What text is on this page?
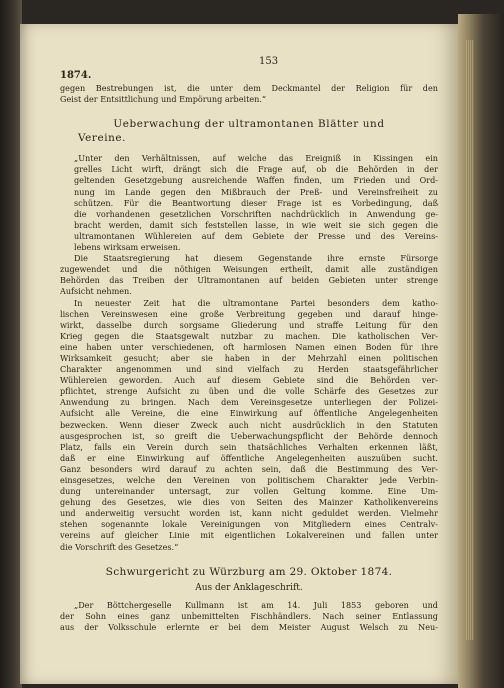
153
1874.
gegen Bestrebungen ist, die unter dem Deckmantel der Religion für den
Geist der Entsittlichung und Empörung arbeiten.“
Ueberwachung der ultramontanen Blätter und
Vereine.
„Unter den Verhältnissen, auf welche das Ereigniß in Kissingen ein
grelles Licht wirft, drängt sich die Frage auf, ob die Behörden in der
geltenden Gesetzgebung ausreichende Waffen finden, um Frieden und Ord-
nung im Lande gegen den Mißbrauch der Preß- und Vereinsfreiheit zu
schützen. Für die Beantwortung dieser Frage ist es Vorbedingung, daß
die vorhandenen gesetzlichen Vorschriften nachdrücklich in Anwendung ge-
bracht werden, damit sich feststellen lasse, in wie weit sie sich gegen die
ultramontanen Wühlereien auf dem Gebiete der Presse und des Vereins-
lebens wirksam erweisen.
Die Staatsregierung hat diesem Gegenstande ihre ernste Fürsorge
zugewendet und die nöthigen Weisungen ertheilt, damit alle zuständigen
Behörden das Treiben der Ultramontanen auf beiden Gebieten unter strenge
Aufsicht nehmen.
In neuester Zeit hat die ultramontane Partei besonders dem katho-
lischen Vereinswesen eine große Verbreitung gegeben und darauf hinge-
wirkt, dasselbe durch sorgsame Gliederung und straffe Leitung für den
Krieg gegen die Staatsgewalt nutzbar zu machen. Die katholischen Ver-
eine haben unter verschiedenen, oft harmlosen Namen einen Boden für ihre
Wirksamkeit gesucht; aber sie haben in der Mehrzahl einen politischen
Charakter angenommen und sind vielfach zu Herden staatsgefährlicher
Wühlereien geworden. Auch auf diesem Gebiete sind die Behörden ver-
pflichtet, strenge Aufsicht zu üben und die volle Schärfe des Gesetzes zur
Anwendung zu bringen. Nach dem Vereinsgesetze unterliegen der Polizei-
Aufsicht alle Vereine, die eine Einwirkung auf öffentliche Angelegenheiten
bezwecken. Wenn dieser Zweck auch nicht ausdrücklich in den Statuten
ausgesprochen ist, so greift die Ueberwachungspflicht der Behörde dennoch
Platz, falls ein Verein durch sein thatsächliches Verhalten erkennen läßt,
daß er eine Einwirkung auf öffentliche Angelegenheiten auszuüben sucht.
Ganz besonders wird darauf zu achten sein, daß die Bestimmung des Ver-
einsgesetzes, welche den Vereinen von politischem Charakter jede Verbin-
dung untereinander untersagt, zur vollen Geltung komme. Eine Um-
gehung des Gesetzes, wie dies von Seiten des Mainzer Katholikenvereins
und anderweitig versucht worden ist, kann nicht geduldet werden. Vielmehr
stehen sogenannte lokale Vereinigungen von Mitgliedern eines Centralv-
vereins auf gleicher Linie mit eigentlichen Lokalvereinen und fallen unter
die Vorschrift des Gesetzes.“
Schwurgericht zu Würzburg am 29. Oktober 1874.
Aus der Anklageschrift.
„Der Böttchergeselle Kullmann ist am 14. Juli 1853 geboren und
der Sohn eines ganz unbemittelten Fischhändlers. Nach seiner Entlassung
aus der Volksschule erlernte er bei dem Meister August Welsch zu Neu-
